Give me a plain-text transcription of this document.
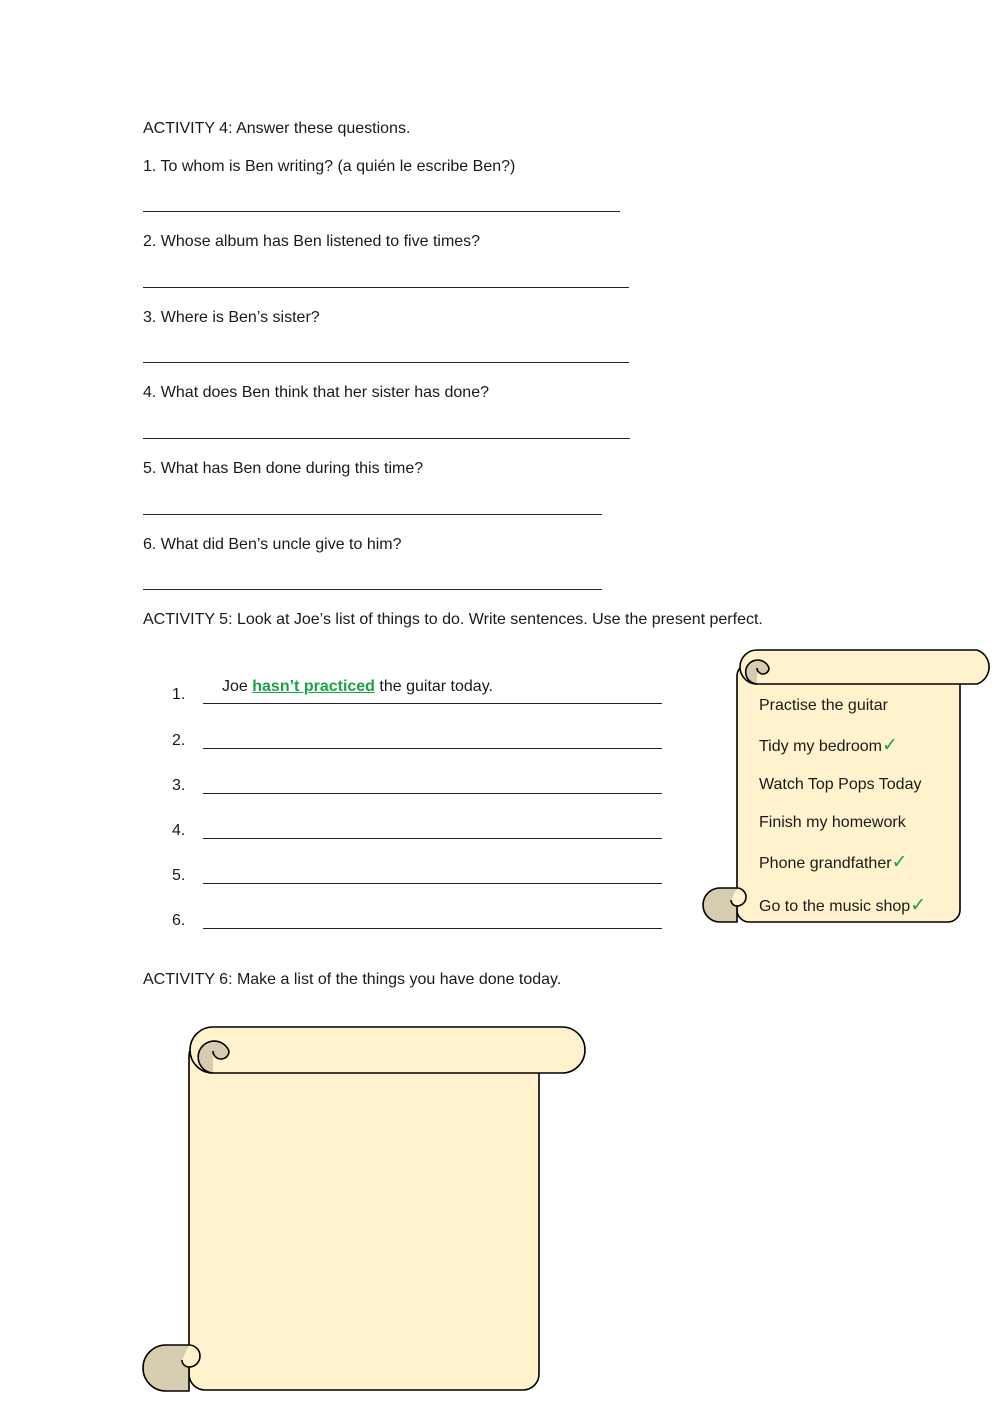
ACTIVITY 4: Answer these questions.
1. To whom is Ben writing? (a quién le escribe Ben?)
2. Whose album has Ben listened to five times?
3. Where is Ben’s sister?
4. What does Ben think that her sister has done?
5. What has Ben done during this time?
6. What did Ben’s uncle give to him?
ACTIVITY 5: Look at Joe’s list of things to do. Write sentences. Use the present perfect.
1. Joe hasn’t practiced the guitar today.
2.
3.
4.
5.
6.
Practise the guitar
Tidy my bedroom✓
Watch Top Pops Today
Finish my homework
Phone grandfather✓
Go to the music shop✓
ACTIVITY 6: Make a list of the things you have done today.
